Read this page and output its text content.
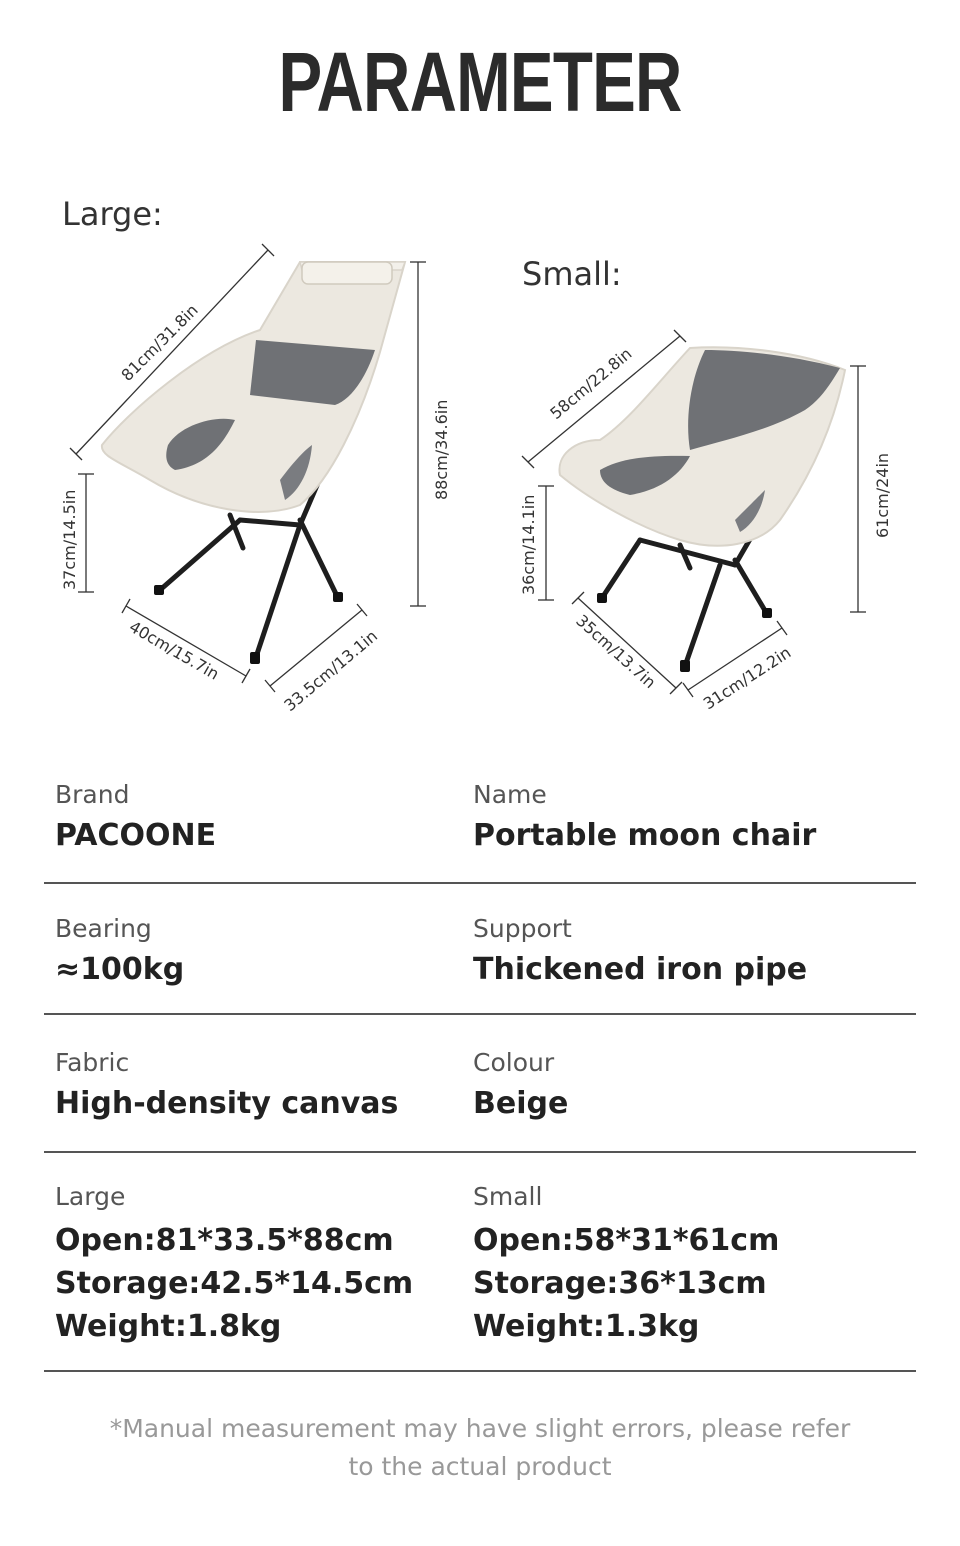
PARAMETER
Large:
Small:
81cm/31.8in
88cm/34.6in
37cm/14.5in
40cm/15.7in	33.5cm/13.1in
58cm/22.8in
61cm/24in
36cm/14.1in
35cm/13.7in	31cm/12.2in
Brand
PACOONE
Name
Portable moon chair
Bearing
≈100kg
Support
Thickened iron pipe
Fabric
High-density canvas
Colour
Beige
Large
Open:81*33.5*88cm
Storage:42.5*14.5cm
Weight:1.8kg
Small
Open:58*31*61cm
Storage:36*13cm
Weight:1.3kg
*Manual measurement may have slight errors, please refer
to the actual product
